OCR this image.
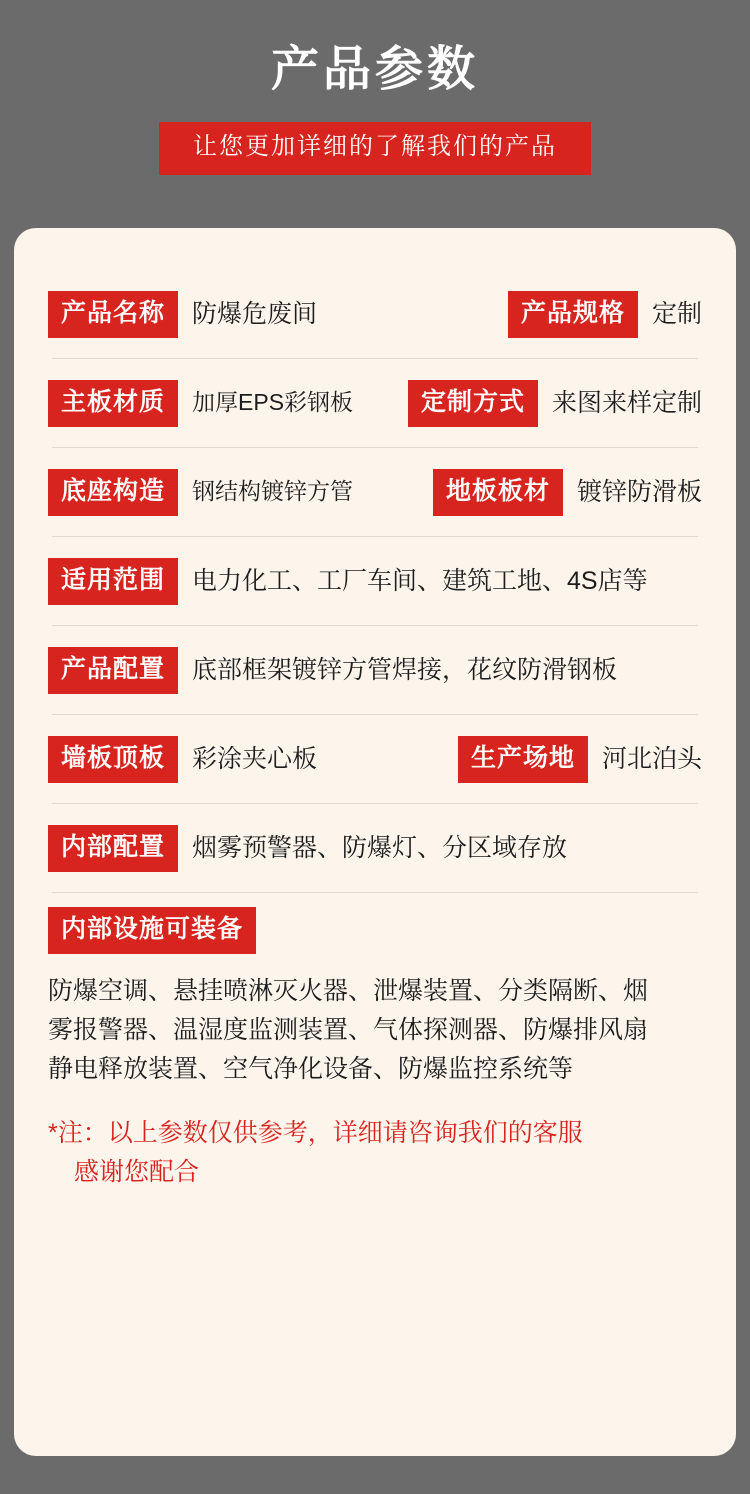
产品参数
让您更加详细的了解我们的产品
产品名称	防爆危废间	产品规格	定制
主板材质	加厚EPS彩钢板	定制方式	来图来样定制
底座构造	钢结构镀锌方管	地板板材	镀锌防滑板
适用范围	电力化工、工厂车间、建筑工地、4S店等
产品配置	底部框架镀锌方管焊接，花纹防滑钢板
墙板顶板	彩涂夹心板	生产场地	河北泊头
内部配置	烟雾预警器、防爆灯、分区域存放
内部设施可装备
防爆空调、悬挂喷淋灭火器、泄爆装置、分类隔断、烟
雾报警器、温湿度监测装置、气体探测器、防爆排风扇
静电释放装置、空气净化设备、防爆监控系统等
*注：以上参数仅供参考，详细请咨询我们的客服
感谢您配合
